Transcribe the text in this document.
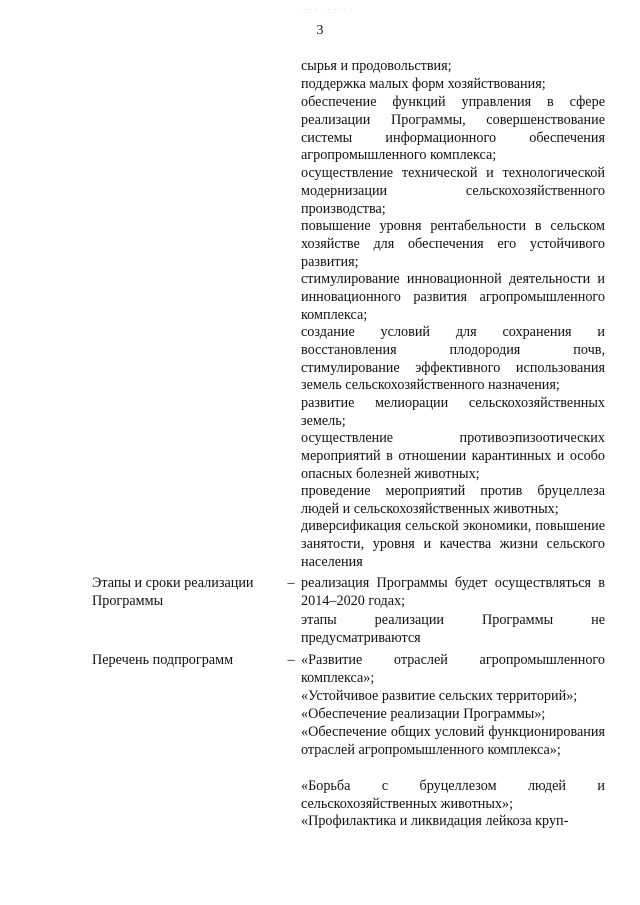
· ·· · · · ·· · ·
3

сырья и продовольствия;

поддержка малых форм хозяйствования;

обеспечение функций управления в сфере реализации Программы, совершенствование системы информационного обеспечения агропромышленного комплекса;

осуществление технической и технологической модернизации сельскохозяйственного производства;

повышение уровня рентабельности в сельском хозяйстве для обеспечения его устойчивого развития;

стимулирование инновационной деятельности и инновационного развития агропромышленного комплекса;

создание условий для сохранения и восстановления плодородия почв, стимулирование эффективного использования земель сельскохозяйственного назначения;

развитие мелиорации сельскохозяйственных земель;

осуществление противоэпизоотических мероприятий в отношении карантинных и особо опасных болезней животных;

проведение мероприятий против бруцеллеза людей и сельскохозяйственных животных;

диверсификация сельской экономики, повышение занятости, уровня и качества жизни сельского населения

Этапы и сроки реализации Программы

– реализация Программы будет осуществляться в 2014–2020 годах;

этапы реализации Программы не предусматриваются

Перечень подпрограмм	– «Развитие отраслей агропромышленного комплекса»;

«Устойчивое развитие сельских территорий»;

«Обеспечение реализации Программы»;

«Обеспечение общих условий функционирования отраслей агропромышленного комплекса»;

«Борьба с бруцеллезом людей и сельскохозяйственных животных»;

«Профилактика и ликвидация лейкоза круп-
